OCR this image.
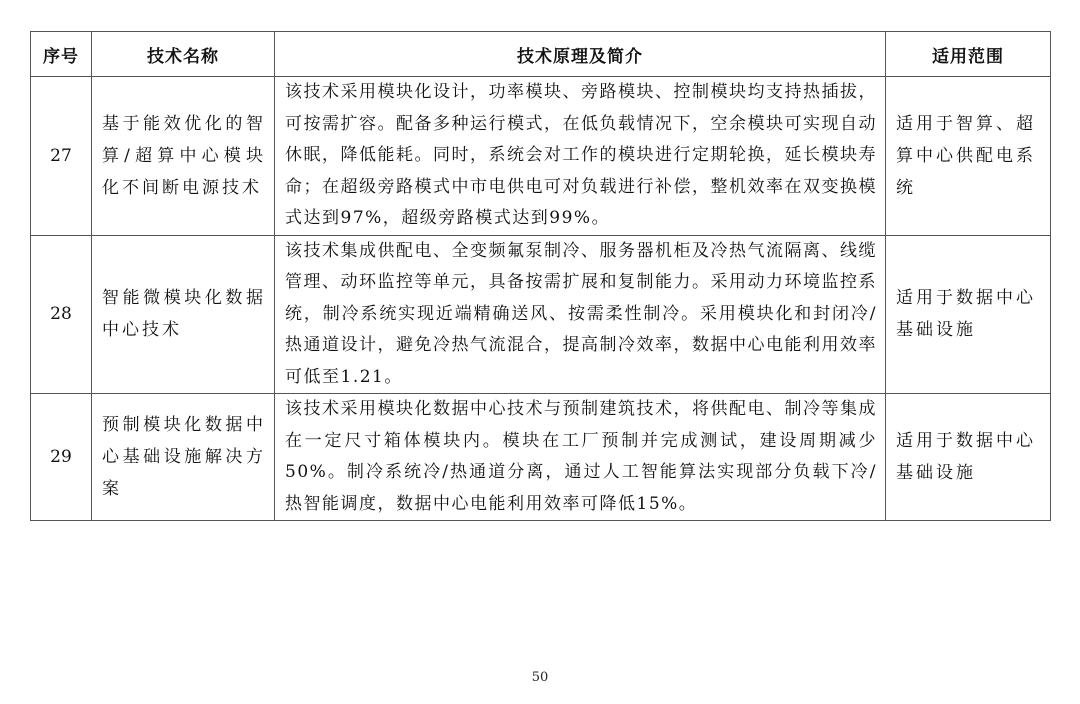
序号	技术名称	技术原理及简介	适用范围
27	基于能效优化的智算/超算中心模块化不间断电源技术	该技术采用模块化设计，功率模块、旁路模块、控制模块均支持热插拔，可按需扩容。配备多种运行模式，在低负载情况下，空余模块可实现自动休眠，降低能耗。同时，系统会对工作的模块进行定期轮换，延长模块寿命；在超级旁路模式中市电供电可对负载进行补偿，整机效率在双变换模式达到97%，超级旁路模式达到99%。	适用于智算、超算中心供配电系统
28	智能微模块化数据中心技术	该技术集成供配电、全变频氟泵制冷、服务器机柜及冷热气流隔离、线缆管理、动环监控等单元，具备按需扩展和复制能力。采用动力环境监控系统，制冷系统实现近端精确送风、按需柔性制冷。采用模块化和封闭冷/热通道设计，避免冷热气流混合，提高制冷效率，数据中心电能利用效率可低至1.21。	适用于数据中心基础设施
29	预制模块化数据中心基础设施解决方案	该技术采用模块化数据中心技术与预制建筑技术，将供配电、制冷等集成在一定尺寸箱体模块内。模块在工厂预制并完成测试，建设周期减少50%。制冷系统冷/热通道分离，通过人工智能算法实现部分负载下冷/热智能调度，数据中心电能利用效率可降低15%。	适用于数据中心基础设施
50
